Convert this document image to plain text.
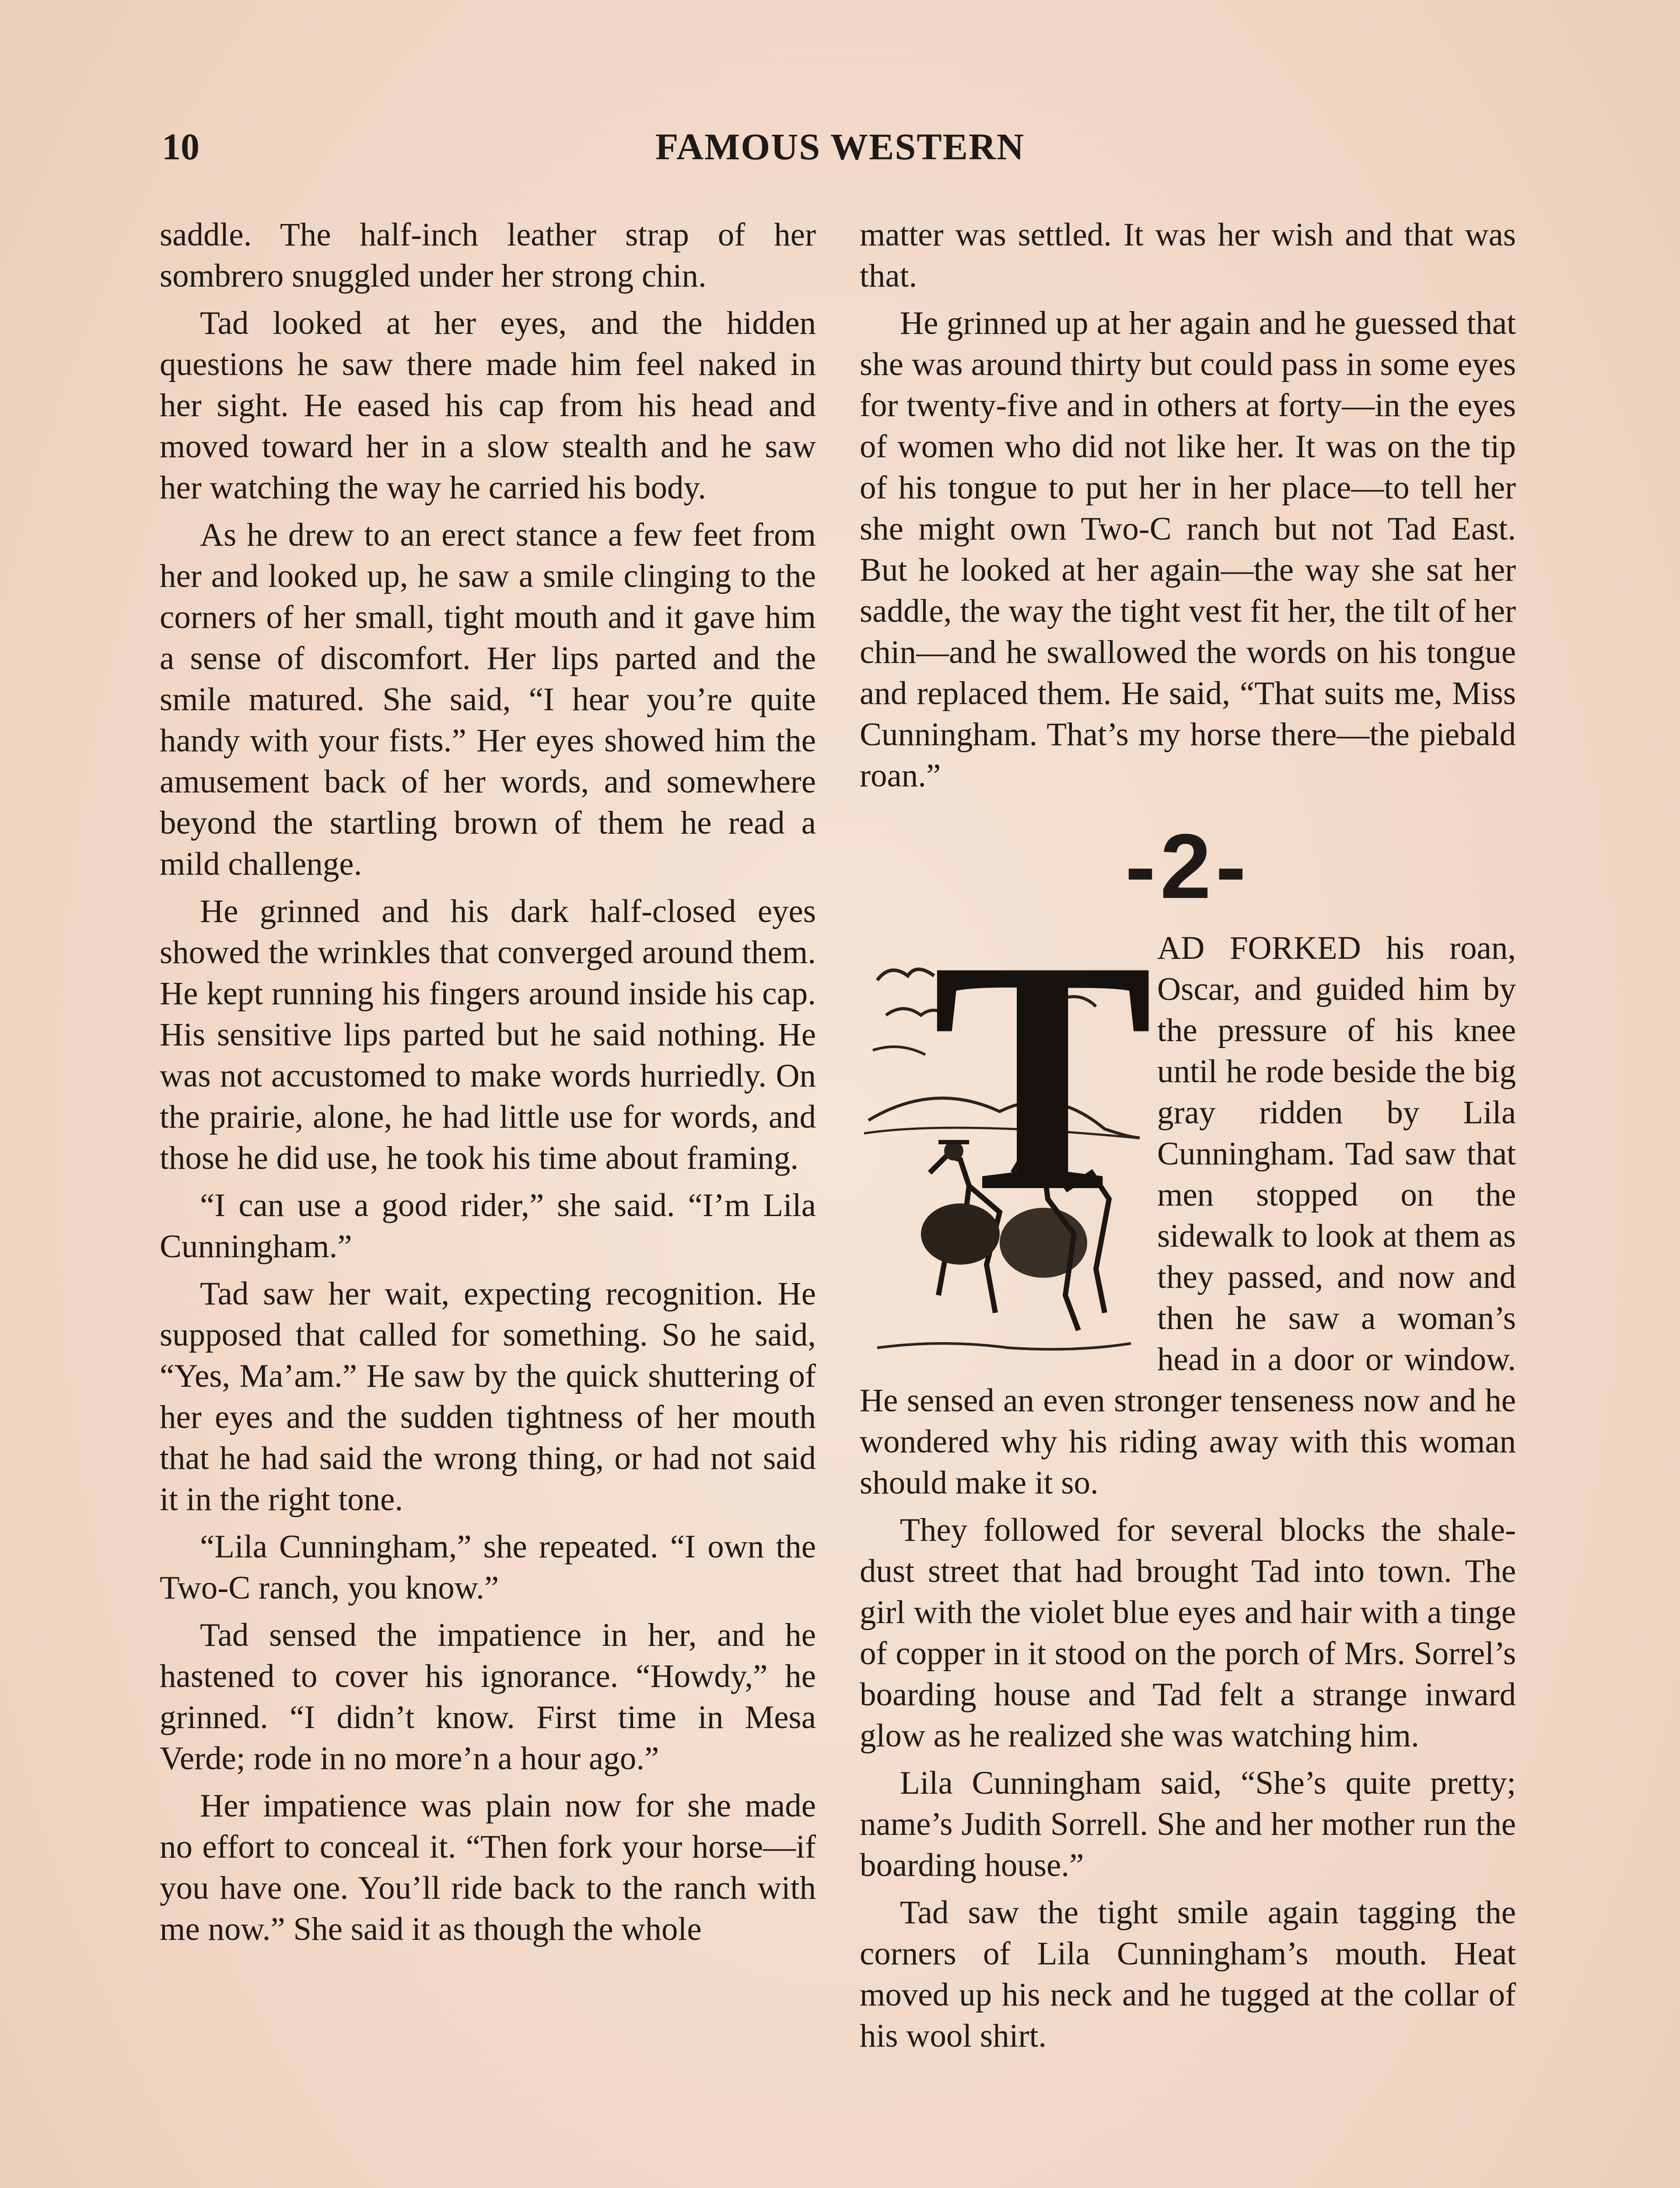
10	FAMOUS WESTERN

saddle. The half-inch leather strap of her sombrero snuggled under her strong chin.

Tad looked at her eyes, and the hidden questions he saw there made him feel naked in her sight. He eased his cap from his head and moved toward her in a slow stealth and he saw her watching the way he carried his body.

As he drew to an erect stance a few feet from her and looked up, he saw a smile clinging to the corners of her small, tight mouth and it gave him a sense of discomfort. Her lips parted and the smile matured. She said, “I hear you’re quite handy with your fists.” Her eyes showed him the amusement back of her words, and somewhere beyond the startling brown of them he read a mild challenge.

He grinned and his dark half-closed eyes showed the wrinkles that converged around them. He kept running his fingers around inside his cap. His sensitive lips parted but he said nothing. He was not accustomed to make words hurriedly. On the prairie, alone, he had little use for words, and those he did use, he took his time about framing.

“I can use a good rider,” she said. “I’m Lila Cunningham.”

Tad saw her wait, expecting recognition. He supposed that called for something. So he said, “Yes, Ma’am.” He saw by the quick shuttering of her eyes and the sudden tightness of her mouth that he had said the wrong thing, or had not said it in the right tone.

“Lila Cunningham,” she repeated. “I own the Two-C ranch, you know.”

Tad sensed the impatience in her, and he hastened to cover his ignorance. “Howdy,” he grinned. “I didn’t know. First time in Mesa Verde; rode in no more’n a hour ago.”

Her impatience was plain now for she made no effort to conceal it. “Then fork your horse—if you have one. You’ll ride back to the ranch with me now.” She said it as though the whole

matter was settled. It was her wish and that was that.

He grinned up at her again and he guessed that she was around thirty but could pass in some eyes for twenty-five and in others at forty—in the eyes of women who did not like her. It was on the tip of his tongue to put her in her place—to tell her she might own Two-C ranch but not Tad East. But he looked at her again—the way she sat her saddle, the way the tight vest fit her, the tilt of her chin—and he swallowed the words on his tongue and replaced them. He said, “That suits me, Miss Cunningham. That’s my horse there—the piebald roan.”

-2-
T AD FORKED his roan, Oscar, and guided him by the pressure of his knee until he rode beside the big gray ridden by Lila Cunningham. Tad saw that men stopped on the sidewalk to look at them as they passed, and now and then he saw a woman’s head in a door or window. He sensed an even stronger tenseness now and he wondered why his riding away with this woman should make it so.

They followed for several blocks the shale-dust street that had brought Tad into town. The girl with the violet blue eyes and hair with a tinge of copper in it stood on the porch of Mrs. Sorrel’s boarding house and Tad felt a strange inward glow as he realized she was watching him.

Lila Cunningham said, “She’s quite pretty; name’s Judith Sorrell. She and her mother run the boarding house.”

Tad saw the tight smile again tagging the corners of Lila Cunningham’s mouth. Heat moved up his neck and he tugged at the collar of his wool shirt.
